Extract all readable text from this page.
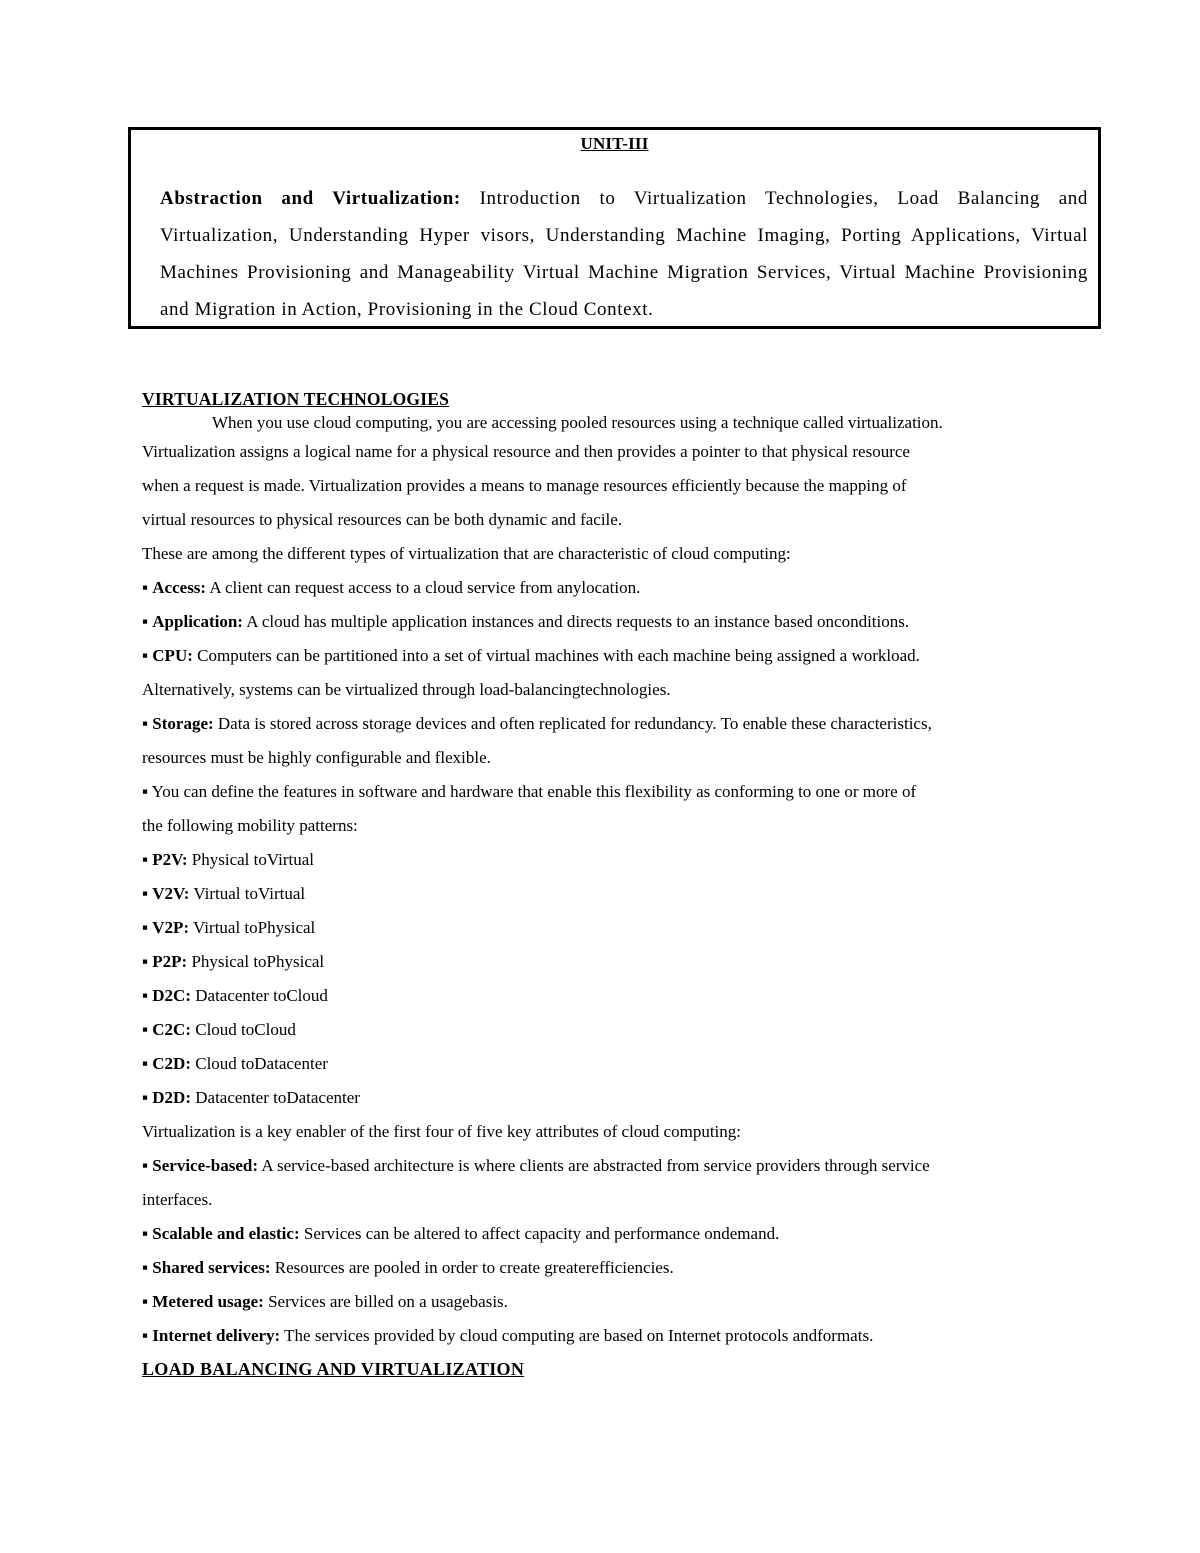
UNIT-III
Abstraction and Virtualization: Introduction to Virtualization Technologies, Load Balancing and Virtualization, Understanding Hyper visors, Understanding Machine Imaging, Porting Applications, Virtual Machines Provisioning and Manageability Virtual Machine Migration Services, Virtual Machine Provisioning and Migration in Action, Provisioning in the Cloud Context.
VIRTUALIZATION TECHNOLOGIES
When you use cloud computing, you are accessing pooled resources using a technique called virtualization.
Virtualization assigns a logical name for a physical resource and then provides a pointer to that physical resource
when a request is made. Virtualization provides a means to manage resources efficiently because the mapping of
virtual resources to physical resources can be both dynamic and facile.
These are among the different types of virtualization that are characteristic of cloud computing:
▪ Access: A client can request access to a cloud service from anylocation.
▪ Application: A cloud has multiple application instances and directs requests to an instance based onconditions.
▪ CPU: Computers can be partitioned into a set of virtual machines with each machine being assigned a workload.
Alternatively, systems can be virtualized through load-balancingtechnologies.
▪ Storage: Data is stored across storage devices and often replicated for redundancy. To enable these characteristics,
resources must be highly configurable and flexible.
▪ You can define the features in software and hardware that enable this flexibility as conforming to one or more of
the following mobility patterns:
▪ P2V: Physical toVirtual
▪ V2V: Virtual toVirtual
▪ V2P: Virtual toPhysical
▪ P2P: Physical toPhysical
▪ D2C: Datacenter toCloud
▪ C2C: Cloud toCloud
▪ C2D: Cloud toDatacenter
▪ D2D: Datacenter toDatacenter
Virtualization is a key enabler of the first four of five key attributes of cloud computing:
▪ Service-based: A service-based architecture is where clients are abstracted from service providers through service
interfaces.
▪ Scalable and elastic: Services can be altered to affect capacity and performance ondemand.
▪ Shared services: Resources are pooled in order to create greaterefficiencies.
▪ Metered usage: Services are billed on a usagebasis.
▪ Internet delivery: The services provided by cloud computing are based on Internet protocols andformats.
LOAD BALANCING AND VIRTUALIZATION
